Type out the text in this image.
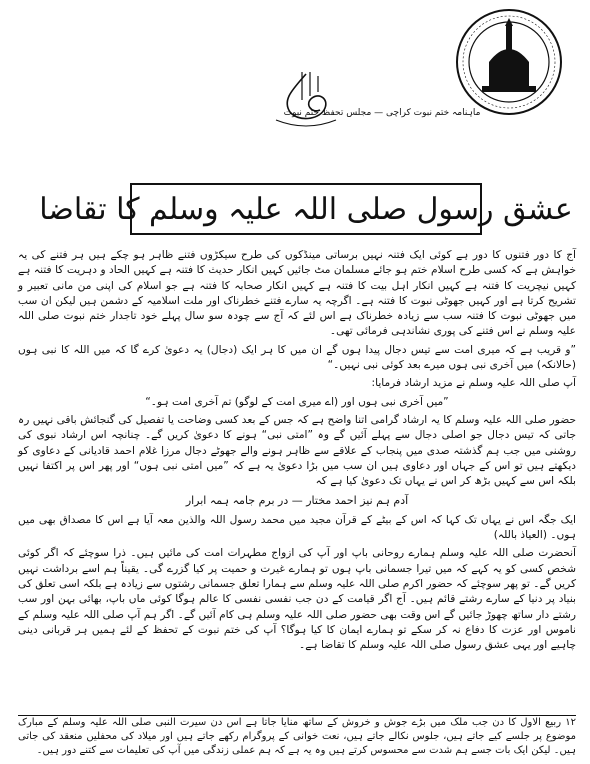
ماہنامہ ختم نبوت کراچی — مجلس تحفظ ختم نبوت
عشق رسول صلی اللہ علیہ وسلم کا تقاضا

آج کا دور فتنوں کا دور ہے کوئی ایک فتنہ نہیں برساتی مینڈکوں کی طرح سیکڑوں فتنے ظاہر ہو چکے ہیں ہر فتنے کی یہ خواہش ہے کہ کسی طرح اسلام ختم ہو جائے مسلمان مٹ جائیں کہیں انکار حدیث کا فتنہ ہے کہیں الحاد و دہریت کا فتنہ ہے کہیں نیچریت کا فتنہ ہے کہیں انکار اہل بیت کا فتنہ ہے کہیں انکار صحابہ کا فتنہ ہے جو اسلام کی اپنی من مانی تعبیر و تشریح کرتا ہے اور کہیں جھوٹی نبوت کا فتنہ ہے۔ اگرچہ یہ سارے فتنے خطرناک اور ملت اسلامیہ کے دشمن ہیں لیکن ان سب میں جھوٹی نبوت کا فتنہ سب سے زیادہ خطرناک ہے اس لئے کہ آج سے چودہ سو سال پہلے خود تاجدار ختم نبوت صلی اللہ علیہ وسلم نے اس فتنے کی پوری نشاندہی فرمائی تھی۔

”و قریب ہے کہ میری امت سے تیس دجال پیدا ہوں گے ان میں کا ہر ایک (دجال) یہ دعویٰ کرے گا کہ میں اللہ کا نبی ہوں (حالانکہ) میں آخری نبی ہوں میرے بعد کوئی نبی نہیں۔“

آپ صلی اللہ علیہ وسلم نے مزید ارشاد فرمایا:

”میں آخری نبی ہوں اور (اے میری امت کے لوگو) تم آخری امت ہو۔“

حضور صلی اللہ علیہ وسلم کا یہ ارشاد گرامی اتنا واضح ہے کہ جس کے بعد کسی وضاحت یا تفصیل کی گنجائش باقی نہیں رہ جاتی کہ تیس دجال جو اصلی دجال سے پہلے آئیں گے وہ ”امتی نبی“ ہونے کا دعویٰ کریں گے۔ چنانچہ اس ارشاد نبوی کی روشنی میں جب ہم گذشتہ صدی میں پنجاب کے علاقے سے ظاہر ہونے والے جھوٹے دجال مرزا غلام احمد قادیانی کے دعاوی کو دیکھتے ہیں تو اس کے جہاں اور دعاوی ہیں ان سب میں بڑا دعویٰ یہ ہے کہ ”میں امتی نبی ہوں“ اور پھر اس پر اکتفا نہیں بلکہ اس سے کہیں بڑھ کر اس نے یہاں تک دعویٰ کیا ہے کہ

آدم ہم نیز احمد مختار — در برم جامہ ہمہ ابرار

ایک جگہ اس نے یہاں تک کہا کہ اس کے بیٹے کے قرآن مجید میں محمد رسول اللہ والذین معہ آیا ہے اس کا مصداق بھی میں ہوں۔ (العیاذ باللہ)

آنحضرت صلی اللہ علیہ وسلم ہمارے روحانی باپ اور آپ کی ازواج مطہرات امت کی مائیں ہیں۔ ذرا سوچئے کہ اگر کوئی شخص کسی کو یہ کہے کہ میں تیرا جسمانی باپ ہوں تو ہمارے غیرت و حمیت پر کیا گزرے گی۔ یقیناً ہم اسے برداشت نہیں کریں گے۔ تو پھر سوچئے کہ حضور اکرم صلی اللہ علیہ وسلم سے ہمارا تعلق جسمانی رشتوں سے زیادہ ہے بلکہ اسی تعلق کی بنیاد پر دنیا کے سارے رشتے قائم ہیں۔ آج اگر قیامت کے دن جب نفسی نفسی کا عالم ہوگا کوئی ماں باپ، بھائی بہن اور سب رشتے دار ساتھ چھوڑ جائیں گے اس وقت بھی حضور صلی اللہ علیہ وسلم ہی کام آئیں گے۔ اگر ہم آپ صلی اللہ علیہ وسلم کے ناموس اور عزت کا دفاع نہ کر سکے تو ہمارے ایمان کا کیا ہوگا؟ آپ کی ختم نبوت کے تحفظ کے لئے ہمیں ہر قربانی دینی چاہیے اور یہی عشق رسول صلی اللہ علیہ وسلم کا تقاضا ہے۔

۱۲ ربیع الاول کا دن جب ملک میں بڑے جوش و خروش کے ساتھ منایا جاتا ہے اس دن سیرت النبی صلی اللہ علیہ وسلم کے مبارک موضوع پر جلسے کیے جاتے ہیں، جلوس نکالے جاتے ہیں، نعت خوانی کے پروگرام رکھے جاتے ہیں اور میلاد کی محفلیں منعقد کی جاتی ہیں۔ لیکن ایک بات جسے ہم شدت سے محسوس کرتے ہیں وہ یہ ہے کہ ہم عملی زندگی میں آپ کی تعلیمات سے کتنے دور ہیں۔
